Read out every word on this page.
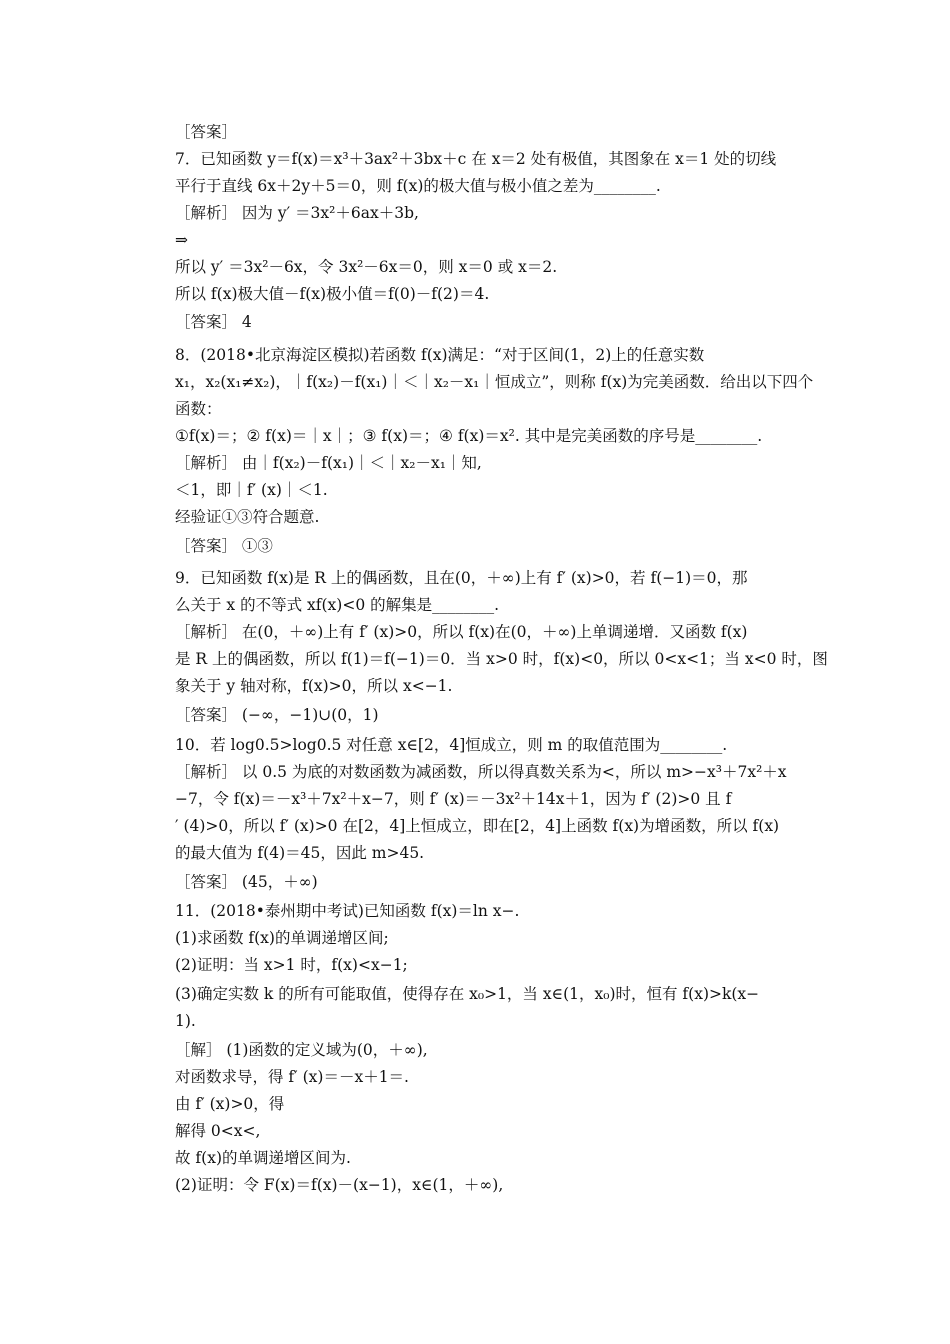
［答案］
7．已知函数 y＝f(x)＝x³＋3ax²＋3bx＋c 在 x＝2 处有极值，其图象在 x＝1 处的切线
平行于直线 6x＋2y＋5＝0，则 f(x)的极大值与极小值之差为________.
［解析］ 因为 y′ ＝3x²＋6ax＋3b,
⇒
所以 y′ ＝3x²－6x，令 3x²－6x＝0，则 x＝0 或 x＝2.
所以 f(x)极大值－f(x)极小值＝f(0)－f(2)＝4.
［答案］ 4
8．(2018•北京海淀区模拟)若函数 f(x)满足：“对于区间(1，2)上的任意实数
x₁，x₂(x₁≠x₂)，｜f(x₂)－f(x₁)｜＜｜x₂－x₁｜恒成立”，则称 f(x)为完美函数．给出以下四个
函数：
①f(x)＝；② f(x)＝｜x｜；③ f(x)＝；④ f(x)＝x². 其中是完美函数的序号是________.
［解析］ 由｜f(x₂)－f(x₁)｜＜｜x₂－x₁｜知,
＜1，即｜f′ (x)｜＜1.
经验证①③符合题意.
［答案］ ①③
9．已知函数 f(x)是 R 上的偶函数，且在(0，＋∞)上有 f′ (x)>0，若 f(−1)＝0，那
么关于 x 的不等式 xf(x)<0 的解集是________.
［解析］ 在(0，＋∞)上有 f′ (x)>0，所以 f(x)在(0，＋∞)上单调递增．又函数 f(x)
是 R 上的偶函数，所以 f(1)＝f(−1)＝0．当 x>0 时，f(x)<0，所以 0<x<1；当 x<0 时，图
象关于 y 轴对称，f(x)>0，所以 x<−1.
［答案］ (−∞，−1)∪(0，1)
10．若 log0.5>log0.5 对任意 x∈[2，4]恒成立，则 m 的取值范围为________.
［解析］ 以 0.5 为底的对数函数为减函数，所以得真数关系为<，所以 m>−x³＋7x²＋x
−7，令 f(x)＝－x³＋7x²＋x−7，则 f′ (x)＝－3x²＋14x＋1，因为 f′ (2)>0 且 f
′ (4)>0，所以 f′ (x)>0 在[2，4]上恒成立，即在[2，4]上函数 f(x)为增函数，所以 f(x)
的最大值为 f(4)＝45，因此 m>45.
［答案］ (45，＋∞)
11．(2018•泰州期中考试)已知函数 f(x)＝ln x−.
(1)求函数 f(x)的单调递增区间;
(2)证明：当 x>1 时，f(x)<x−1;
(3)确定实数 k 的所有可能取值，使得存在 x₀>1，当 x∈(1，x₀)时，恒有 f(x)>k(x−
1).
［解］ (1)函数的定义域为(0，＋∞),
对函数求导，得 f′ (x)＝－x＋1＝.
由 f′ (x)>0，得
解得 0<x<,
故 f(x)的单调递增区间为.
(2)证明：令 F(x)＝f(x)－(x−1)，x∈(1，＋∞),
